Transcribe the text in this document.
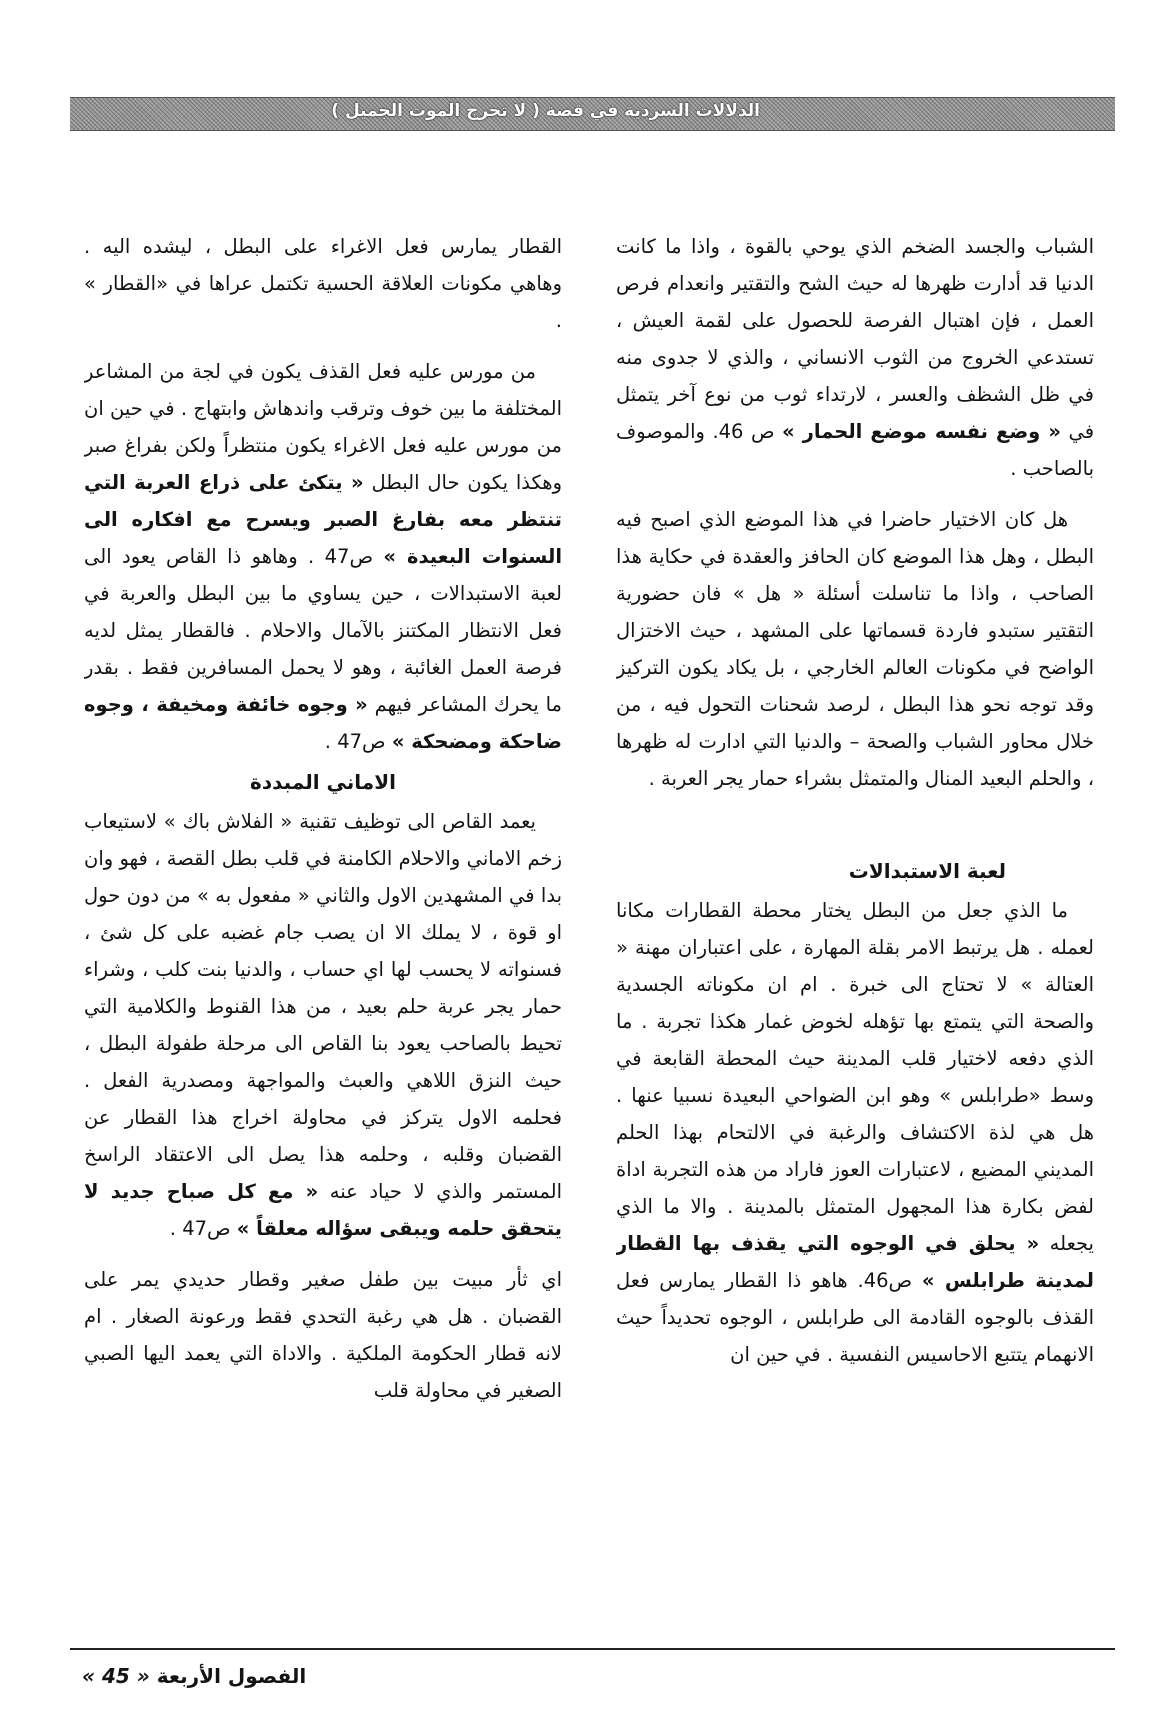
الدلالات السردية في قصة ( لا تحرج الموت الجميل )

الشباب والجسد الضخم الذي يوحي بالقوة ، واذا ما كانت الدنيا قد أدارت ظهرها له حيث الشح والتقتير وانعدام فرص العمل ، فإن اهتبال الفرصة للحصول على لقمة العيش ، تستدعي الخروج من الثوب الانساني ، والذي لا جدوى منه في ظل الشظف والعسر ، لارتداء ثوب من نوع آخر يتمثل في « وضع نفسه موضع الحمار » ص 46. والموصوف بالصاحب .

هل كان الاختيار حاضرا في هذا الموضع الذي اصبح فيه البطل ، وهل هذا الموضع كان الحافز والعقدة في حكاية هذا الصاحب ، واذا ما تناسلت أسئلة « هل » فان حضورية التقتير ستبدو فاردة قسماتها على المشهد ، حيث الاختزال الواضح في مكونات العالم الخارجي ، بل يكاد يكون التركيز وقد توجه نحو هذا البطل ، لرصد شحنات التحول فيه ، من خلال محاور الشباب والصحة – والدنيا التي ادارت له ظهرها ، والحلم البعيد المنال والمتمثل بشراء حمار يجر العربة .

لعبة الاستبدالات

ما الذي جعل من البطل يختار محطة القطارات مكانا لعمله . هل يرتبط الامر بقلة المهارة ، على اعتباران مهنة « العتالة » لا تحتاج الى خبرة . ام ان مكوناته الجسدية والصحة التي يتمتع بها تؤهله لخوض غمار هكذا تجربة . ما الذي دفعه لاختيار قلب المدينة حيث المحطة القابعة في وسط «طرابلس » وهو ابن الضواحي البعيدة نسبيا عنها . هل هي لذة الاكتشاف والرغبة في الالتحام بهذا الحلم المديني المضيع ، لاعتبارات العوز فاراد من هذه التجربة اداة لفض بكارة هذا المجهول المتمثل بالمدينة . والا ما الذي يجعله « يحلق في الوجوه التي يقذف بها القطار لمدينة طرابلس » ص46. هاهو ذا القطار يمارس فعل القذف بالوجوه القادمة الى طرابلس ، الوجوه تحديداً حيث الانهمام يتتبع الاحاسيس النفسية . في حين ان

القطار يمارس فعل الاغراء على البطل ، ليشده اليه . وهاهي مكونات العلاقة الحسية تكتمل عراها في «القطار » .

من مورس عليه فعل القذف يكون في لجة من المشاعر المختلفة ما بين خوف وترقب واندهاش وابتهاج . في حين ان من مورس عليه فعل الاغراء يكون منتظراً ولكن بفراغ صبر وهكذا يكون حال البطل « يتكئ على ذراع العربة التي تنتظر معه بفارغ الصبر ويسرح مع افكاره الى السنوات البعيدة » ص47 . وهاهو ذا القاص يعود الى لعبة الاستبدالات ، حين يساوي ما بين البطل والعربة في فعل الانتظار المكتنز بالآمال والاحلام . فالقطار يمثل لديه فرصة العمل الغائبة ، وهو لا يحمل المسافرين فقط . بقدر ما يحرك المشاعر فيهم « وجوه خائفة ومخيفة ، وجوه ضاحكة ومضحكة » ص47 .

الاماني المبددة

يعمد القاص الى توظيف تقنية « الفلاش باك » لاستيعاب زخم الاماني والاحلام الكامنة في قلب بطل القصة ، فهو وان بدا في المشهدين الاول والثاني « مفعول به » من دون حول او قوة ، لا يملك الا ان يصب جام غضبه على كل شئ ، فسنواته لا يحسب لها اي حساب ، والدنيا بنت كلب ، وشراء حمار يجر عربة حلم بعيد ، من هذا القنوط والكلامية التي تحيط بالصاحب يعود بنا القاص الى مرحلة طفولة البطل ، حيث النزق اللاهي والعبث والمواجهة ومصدرية الفعل . فحلمه الاول يتركز في محاولة اخراج هذا القطار عن القضبان وقلبه ، وحلمه هذا يصل الى الاعتقاد الراسخ المستمر والذي لا حياد عنه « مع كل صباح جديد لا يتحقق حلمه ويبقى سؤاله معلقاً » ص47 .

اي ثأر مبيت بين طفل صغير وقطار حديدي يمر على القضبان . هل هي رغبة التحدي فقط ورعونة الصغار . ام لانه قطار الحكومة الملكية . والاداة التي يعمد اليها الصبي الصغير في محاولة قلب

الفصول الأربعة « 45 »
